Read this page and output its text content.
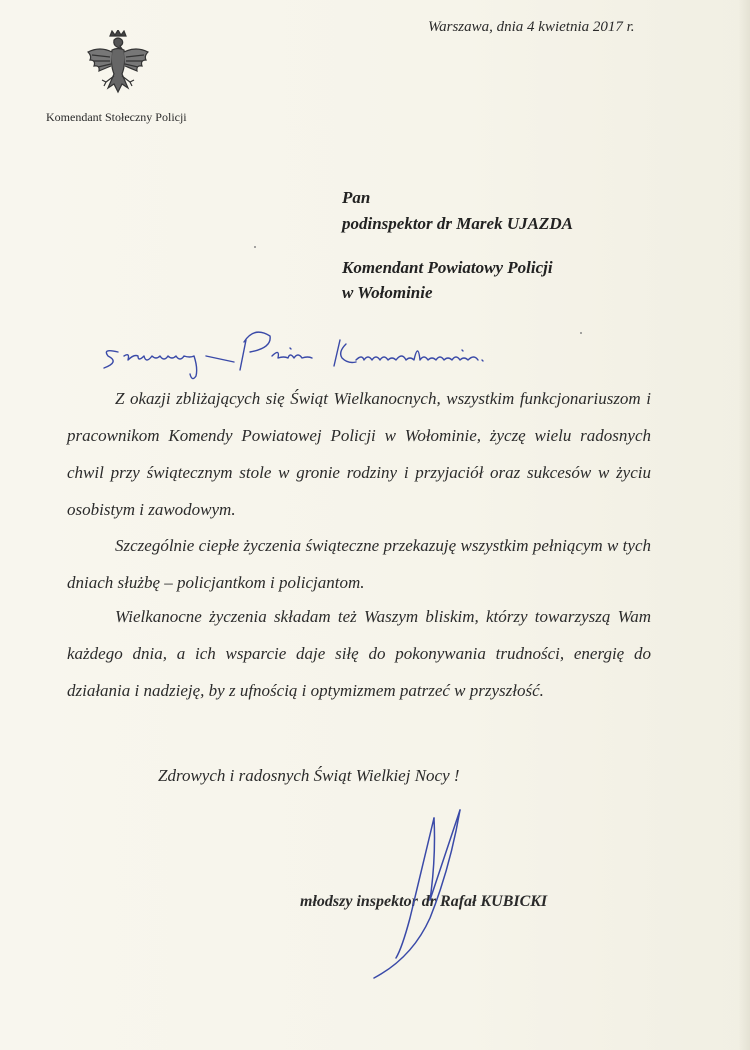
Warszawa, dnia 4 kwietnia 2017 r.
Komendant Stołeczny Policji
Pan
podinspektor dr Marek UJAZDA
Komendant Powiatowy Policji
w Wołominie
Szanowny Panie Komendancie.
Z okazji zbliżających się Świąt Wielkanocnych, wszystkim funkcjonariuszom i pracownikom Komendy Powiatowej Policji w Wołominie, życzę wielu radosnych chwil przy świątecznym stole w gronie rodziny i przyjaciół oraz sukcesów w życiu osobistym i zawodowym.
Szczególnie ciepłe życzenia świąteczne przekazuję wszystkim pełniącym w tych dniach służbę – policjantkom i policjantom.
Wielkanocne życzenia składam też Waszym bliskim, którzy towarzyszą Wam każdego dnia, a ich wsparcie daje siłę do pokonywania trudności, energię do działania i nadzieję, by z ufnością i optymizmem patrzeć w przyszłość.
Zdrowych i radosnych Świąt Wielkiej Nocy !
młodszy inspektor dr Rafał KUBICKI
